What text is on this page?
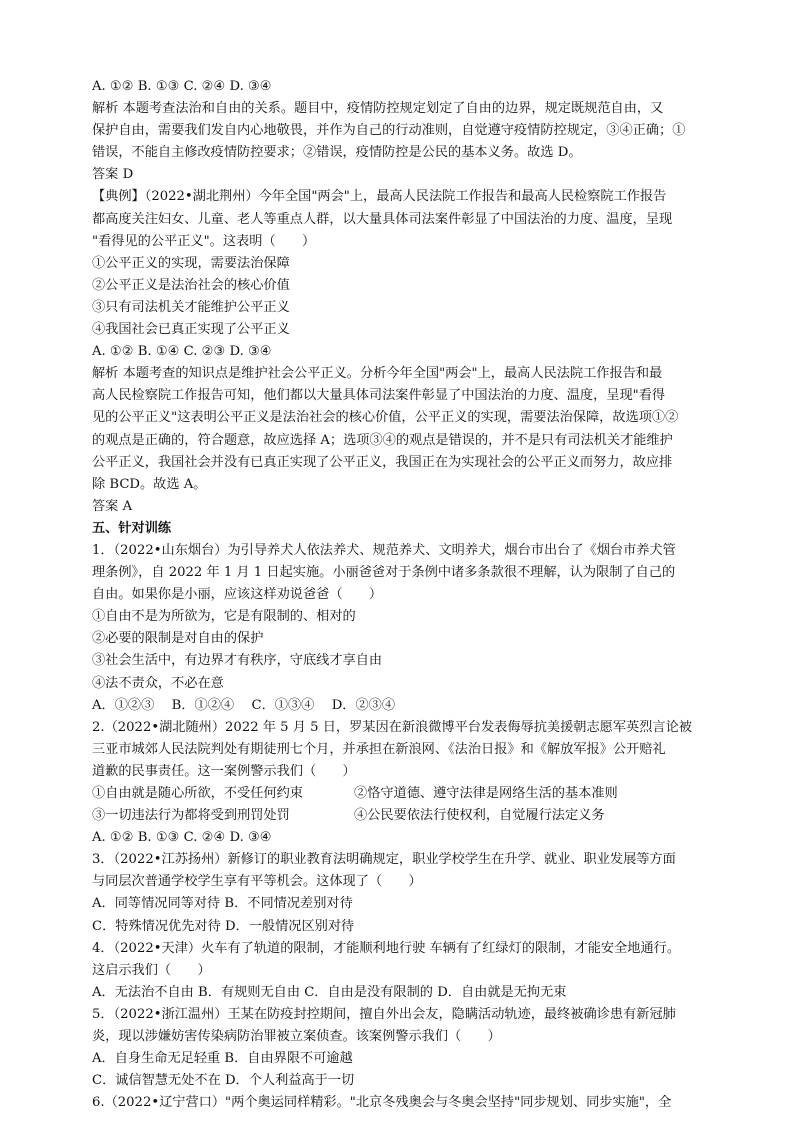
A. ①② B. ①③ C. ②④ D. ③④
解析 本题考查法治和自由的关系。题目中，疫情防控规定划定了自由的边界，规定既规范自由，又
保护自由，需要我们发自内心地敬畏，并作为自己的行动准则，自觉遵守疫情防控规定，③④正确；①
错误，不能自主修改疫情防控要求；②错误，疫情防控是公民的基本义务。故选 D。
答案 D
【典例】（2022•湖北荆州）今年全国"两会"上，最高人民法院工作报告和最高人民检察院工作报告
都高度关注妇女、儿童、老人等重点人群，以大量具体司法案件彰显了中国法治的力度、温度，呈现
"看得见的公平正义"。这表明（　　）
①公平正义的实现，需要法治保障
②公平正义是法治社会的核心价值
③只有司法机关才能维护公平正义
④我国社会已真正实现了公平正义
A. ①② B. ①④ C. ②③ D. ③④
解析 本题考查的知识点是维护社会公平正义。分析今年全国"两会"上，最高人民法院工作报告和最
高人民检察院工作报告可知，他们都以大量具体司法案件彰显了中国法治的力度、温度，呈现"看得
见的公平正义"这表明公平正义是法治社会的核心价值，公平正义的实现，需要法治保障，故选项①②
的观点是正确的，符合题意，故应选择 A；选项③④的观点是错误的，并不是只有司法机关才能维护
公平正义，我国社会并没有已真正实现了公平正义，我国正在为实现社会的公平正义而努力，故应排
除 BCD。故选 A。
答案 A
五、针对训练
1．（2022•山东烟台）为引导养犬人依法养犬、规范养犬、文明养犬，烟台市出台了《烟台市养犬管
理条例》，自 2022 年 1 月 1 日起实施。小丽爸爸对于条例中诸多条款很不理解，认为限制了自己的
自由。如果你是小丽，应该这样劝说爸爸（　　）
①自由不是为所欲为，它是有限制的、相对的
②必要的限制是对自由的保护
③社会生活中，有边界才有秩序，守底线才享自由
④法不责众，不必在意
A．①②③　 B．①②④　 C．①③④　 D．②③④
2.（2022•湖北随州）2022 年 5 月 5 日，罗某因在新浪微博平台发表侮辱抗美援朝志愿军英烈言论被
三亚市城郊人民法院判处有期徒刑七个月，并承担在新浪网、《法治日报》和《解放军报》公开赔礼
道歉的民事责任。这一案例警示我们（　　）
①自由就是随心所欲，不受任何约束	②恪守道德、遵守法律是网络生活的基本准则
③一切违法行为都将受到刑罚处罚	④公民要依法行使权利，自觉履行法定义务
A. ①② B. ①③ C. ②④ D. ③④
3．（2022•江苏扬州）新修订的职业教育法明确规定，职业学校学生在升学、就业、职业发展等方面
与同层次普通学校学生享有平等机会。这体现了（　　）
A．同等情况同等对待 B．不同情况差别对待
C．特殊情况优先对待 D．一般情况区别对待
4．（2022•天津）火车有了轨道的限制，才能顺利地行驶 车辆有了红绿灯的限制，才能安全地通行。
这启示我们（　　）
A．无法治不自由 B．有规则无自由 C．自由是没有限制的 D．自由就是无拘无束
5．（2022•浙江温州）王某在防疫封控期间，擅自外出会友，隐瞒活动轨迹，最终被确诊患有新冠肺
炎，现以涉嫌妨害传染病防治罪被立案侦查。该案例警示我们（　　）
A．自身生命无足轻重 B．自由界限不可逾越
C．诚信智慧无处不在 D．个人利益高于一切
6.（2022•辽宁营口）"两个奥运同样精彩。"北京冬残奥会与冬奥会坚持"同步规划、同步实施"，全
